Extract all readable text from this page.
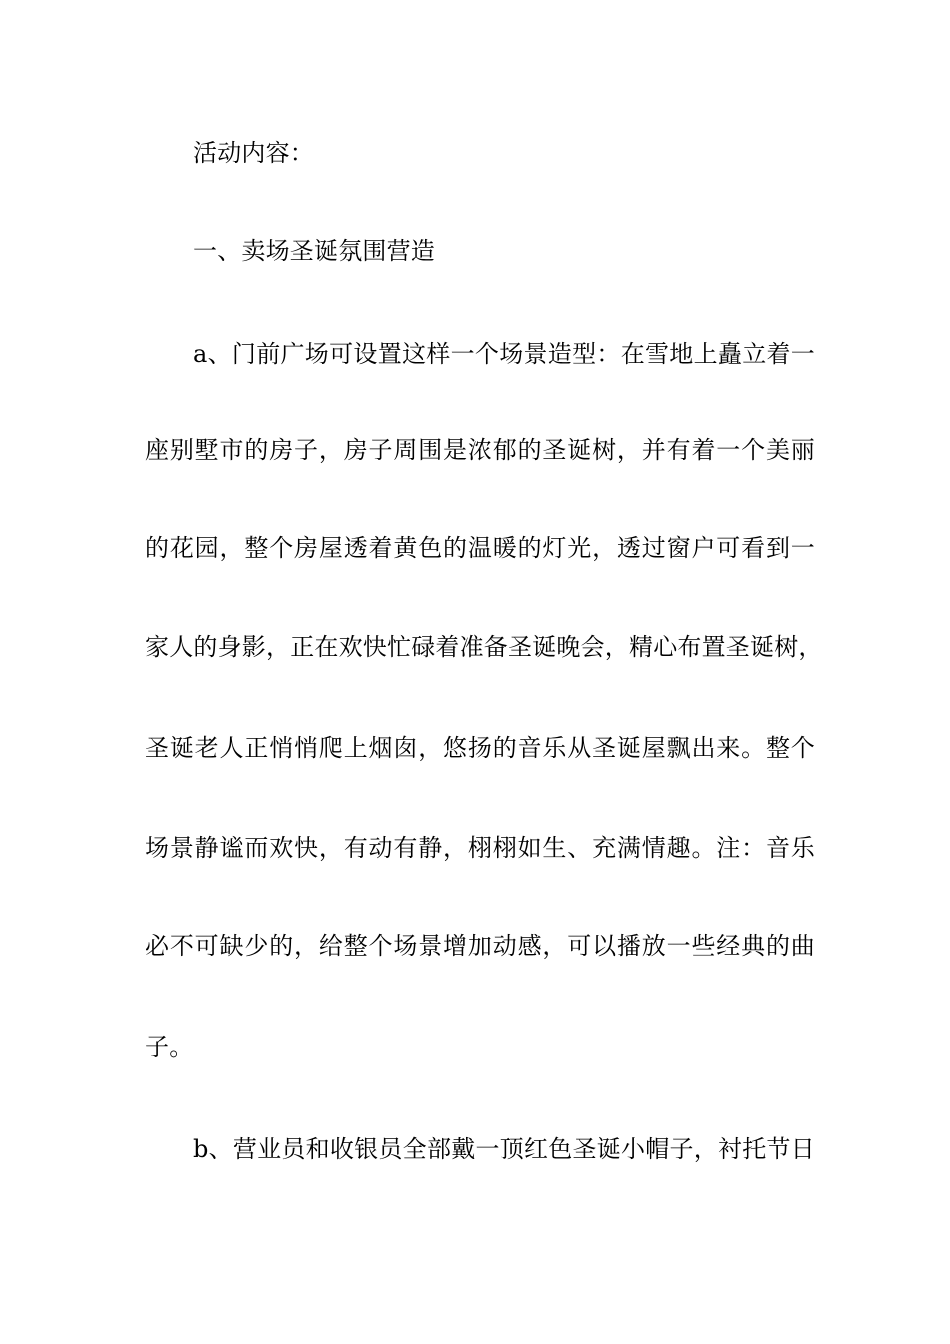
活动内容：
一、卖场圣诞氛围营造
a、门前广场可设置这样一个场景造型：在雪地上矗立着一
座别墅市的房子，房子周围是浓郁的圣诞树，并有着一个美丽
的花园，整个房屋透着黄色的温暖的灯光，透过窗户可看到一
家人的身影，正在欢快忙碌着准备圣诞晚会，精心布置圣诞树，
圣诞老人正悄悄爬上烟囱，悠扬的音乐从圣诞屋飘出来。整个
场景静谧而欢快，有动有静，栩栩如生、充满情趣。注：音乐
必不可缺少的，给整个场景增加动感，可以播放一些经典的曲
子。
b、营业员和收银员全部戴一顶红色圣诞小帽子，衬托节日
